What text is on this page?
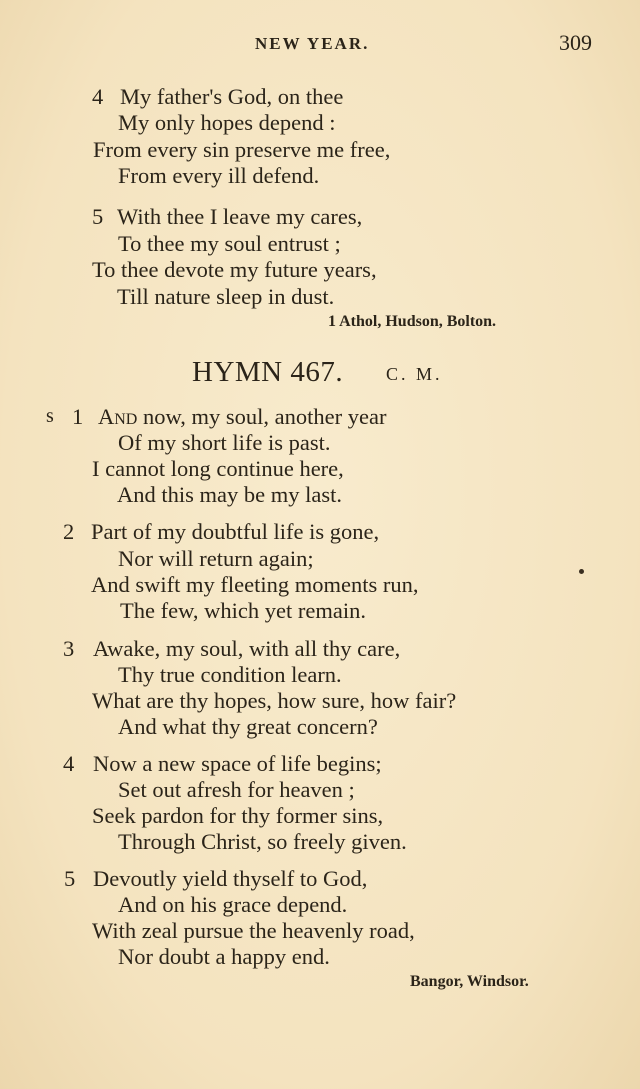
NEW YEAR.	309
4 My father's God, on thee
My only hopes depend :
From every sin preserve me free,
From every ill defend.
5 With thee I leave my cares,
To thee my soul entrust ;
To thee devote my future years,
Till nature sleep in dust.
1 Athol, Hudson, Bolton.
HYMN 467. C. M.
s 1 And now, my soul, another year
Of my short life is past.
I cannot long continue here,
And this may be my last.
2 Part of my doubtful life is gone,
Nor will return again;
And swift my fleeting moments run,
The few, which yet remain.
3 Awake, my soul, with all thy care,
Thy true condition learn.
What are thy hopes, how sure, how fair?
And what thy great concern?
4 Now a new space of life begins;
Set out afresh for heaven ;
Seek pardon for thy former sins,
Through Christ, so freely given.
5 Devoutly yield thyself to God,
And on his grace depend.
With zeal pursue the heavenly road,
Nor doubt a happy end.
Bangor, Windsor.
